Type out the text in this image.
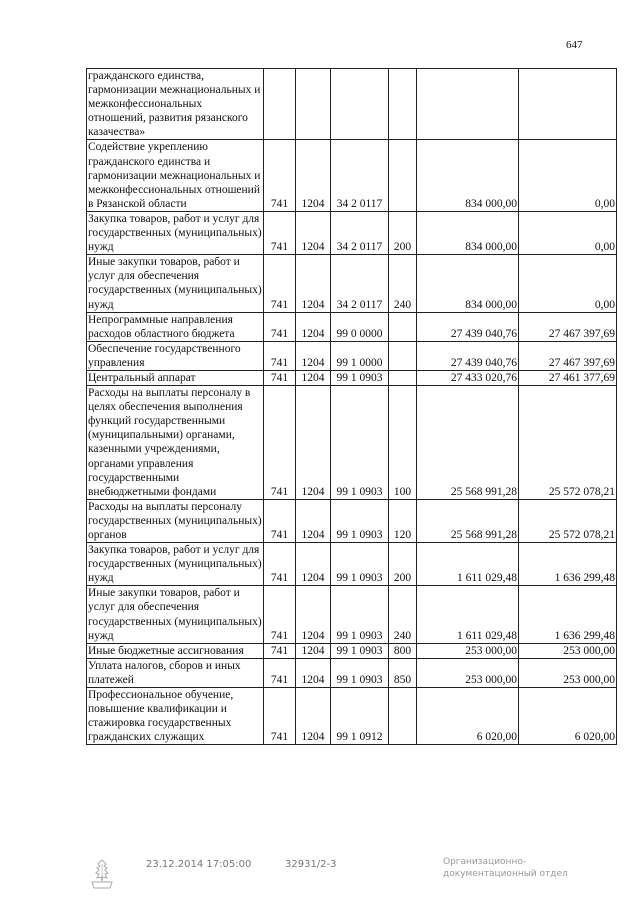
647
гражданского единства, гармонизации межнациональных и межконфессиональных отношений, развития рязанского казачества»						
Содействие укреплению гражданского единства и гармонизации межнациональных и межконфессиональных отношений в Рязанской области	741	1204	34 2 0117		834 000,00	0,00
Закупка товаров, работ и услуг для государственных (муниципальных) нужд	741	1204	34 2 0117	200	834 000,00	0,00
Иные закупки товаров, работ и услуг для обеспечения государственных (муниципальных) нужд	741	1204	34 2 0117	240	834 000,00	0,00
Непрограммные направления расходов областного бюджета	741	1204	99 0 0000		27 439 040,76	27 467 397,69
Обеспечение государственного управления	741	1204	99 1 0000		27 439 040,76	27 467 397,69
Центральный аппарат	741	1204	99 1 0903		27 433 020,76	27 461 377,69
Расходы на выплаты персоналу в целях обеспечения выполнения функций государственными (муниципальными) органами, казенными учреждениями, органами управления государственными внебюджетными фондами	741	1204	99 1 0903	100	25 568 991,28	25 572 078,21
Расходы на выплаты персоналу государственных (муниципальных) органов	741	1204	99 1 0903	120	25 568 991,28	25 572 078,21
Закупка товаров, работ и услуг для государственных (муниципальных) нужд	741	1204	99 1 0903	200	1 611 029,48	1 636 299,48
Иные закупки товаров, работ и услуг для обеспечения государственных (муниципальных) нужд	741	1204	99 1 0903	240	1 611 029,48	1 636 299,48
Иные бюджетные ассигнования	741	1204	99 1 0903	800	253 000,00	253 000,00
Уплата налогов, сборов и иных платежей	741	1204	99 1 0903	850	253 000,00	253 000,00
Профессиональное обучение, повышение квалификации и стажировка государственных гражданских служащих	741	1204	99 1 0912		6 020,00	6 020,00
23.12.2014 17:05:00	32931/2-3	Организационно-
документационный отдел
